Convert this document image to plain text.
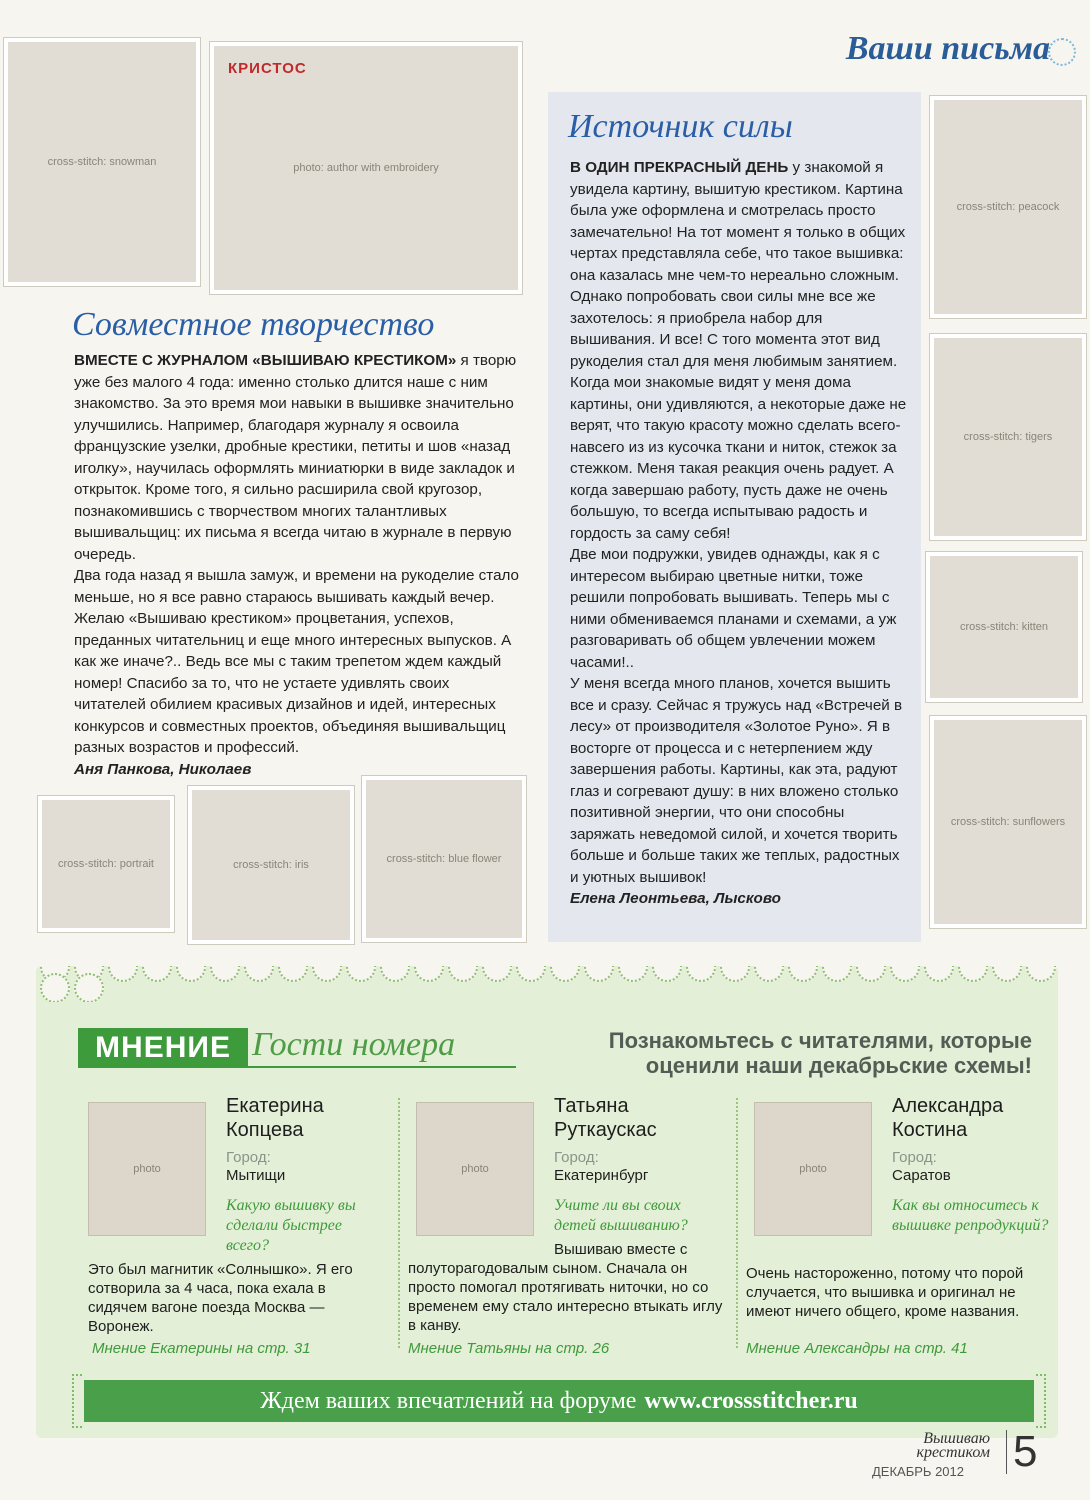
Ваши письма
cross-stitch: snowman
КРИСТОС
photo: author with embroidery
Совместное творчество

ВМЕСТЕ С ЖУРНАЛОМ «ВЫШИВАЮ КРЕСТИКОМ» я творю уже без малого 4 года: именно столько длится наше с ним знакомство. За это время мои навыки в вышивке значительно улучшились. Например, благодаря журналу я освоила французские узелки, дробные крестики, петиты и шов «назад иголку», научилась оформлять миниатюрки в виде закладок и открыток. Кроме того, я сильно расширила свой кругозор, познакомившись с творчеством многих талантливых вышивальщиц: их письма я всегда читаю в журнале в первую очередь.

Два года назад я вышла замуж, и времени на рукоделие стало меньше, но я все равно стараюсь вышивать каждый вечер. Желаю «Вышиваю крестиком» процветания, успехов, преданных читательниц и еще много интересных выпусков. А как же иначе?.. Ведь все мы с таким трепетом ждем каждый номер! Спасибо за то, что не устаете удивлять своих читателей обилием красивых дизайнов и идей, интересных конкурсов и совместных проектов, объединяя вышивальщиц разных возрастов и профессий.

Аня Панкова, Николаев

cross-stitch: portrait	cross-stitch: iris	cross-stitch: blue flower
Источник силы

В ОДИН ПРЕКРАСНЫЙ ДЕНЬ у знакомой я увидела картину, вышитую крестиком. Картина была уже оформлена и смотрелась просто замечательно! На тот момент я только в общих чертах представляла себе, что такое вышивка: она казалась мне чем-то нереально сложным. Однако попробовать свои силы мне все же захотелось: я приобрела набор для вышивания. И все! С того момента этот вид рукоделия стал для меня любимым занятием. Когда мои знакомые видят у меня дома картины, они удивляются, а некоторые даже не верят, что такую красоту можно сделать всего-навсего из из кусочка ткани и ниток, стежок за стежком. Меня такая реакция очень радует. А когда завершаю работу, пусть даже не очень большую, то всегда испытываю радость и гордость за саму себя!

Две мои подружки, увидев однажды, как я с интересом выбираю цветные нитки, тоже решили попробовать вышивать. Теперь мы с ними обмениваемся планами и схемами, а уж разговаривать об общем увлечении можем часами!..

У меня всегда много планов, хочется вышить все и сразу. Сейчас я тружусь над «Встречей в лесу» от производителя «Золотое Руно». Я в восторге от процесса и с нетерпением жду завершения работы. Картины, как эта, радуют глаз и согревают душу: в них вложено столько позитивной энергии, что они способны заряжать неведомой силой, и хочется творить больше и больше таких же теплых, радостных и уютных вышивок!

Елена Леонтьева, Лысково

cross-stitch: peacock
cross-stitch: tigers
cross-stitch: kitten
cross-stitch: sunflowers
МНЕНИЕ Гости номера	Познакомьтесь с читателями, которые оценили наши декабрьские схемы!
photo
Екатерина Копцева
Город:
Мытищи
Какую вышивку вы сделали быстрее всего?
Это был магнитик «Солнышко». Я его сотворила за 4 часа, пока ехала в сидячем вагоне поезда Москва — Воронеж.
Мнение Екатерины на стр. 31
photo
Татьяна Руткаускас
Город:
Екатеринбург
Учите ли вы своих детей вышиванию?
Вышиваю вместе с полуторагодовалым сыном. Сначала он просто помогал протягивать ниточки, но со временем ему стало интересно втыкать иглу в канву.
Мнение Татьяны на стр. 26
photo
Александра Костина
Город:
Саратов
Как вы относитесь к вышивке репродукций?
Очень настороженно, потому что порой случается, что вышивка и оригинал не имеют ничего общего, кроме названия.
Мнение Александры на стр. 41
Ждем ваших впечатлений на форуме www.crossstitcher.ru
Вышиваю
крестиком
ДЕКАБРЬ 2012 5
